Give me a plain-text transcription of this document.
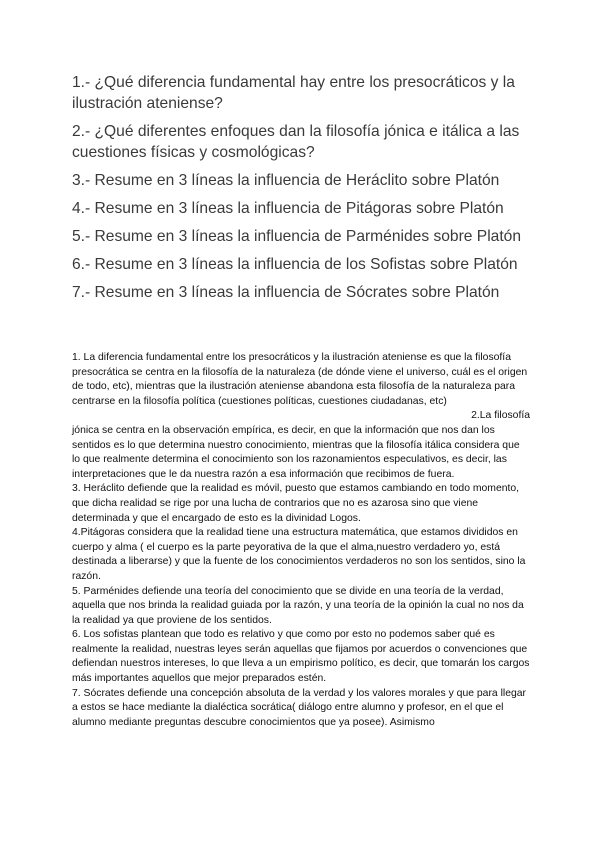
1.- ¿Qué diferencia fundamental hay entre los presocráticos y la ilustración ateniense?
2.- ¿Qué diferentes enfoques dan la filosofía jónica e itálica a las cuestiones físicas y cosmológicas?
3.- Resume en 3 líneas la influencia de Heráclito sobre Platón
4.- Resume en 3 líneas la influencia de Pitágoras sobre Platón
5.- Resume en 3 líneas la influencia de Parménides sobre Platón
6.- Resume en 3 líneas la influencia de los Sofistas sobre Platón
7.- Resume en 3 líneas la influencia de Sócrates sobre Platón

1. La diferencia fundamental entre los presocráticos y la ilustración ateniense es que la filosofía presocrática se centra en la filosofía de la naturaleza (de dónde viene el universo, cuál es el origen de todo, etc), mientras que la ilustración ateniense abandona esta filosofía de la naturaleza para centrarse en la filosofía política (cuestiones políticas, cuestiones ciudadanas, etc)
2.La filosofía

jónica se centra en la observación empírica, es decir, en que la información que nos dan los sentidos es lo que determina nuestro conocimiento, mientras que la filosofía itálica considera que lo que realmente determina el conocimiento son los razonamientos especulativos, es decir, las interpretaciones que le da nuestra razón a esa información que recibimos de fuera.

3. Heráclito defiende que la realidad es móvil, puesto que estamos cambiando en todo momento, que dicha realidad se rige por una lucha de contrarios que no es azarosa sino que viene determinada y que el encargado de esto es la divinidad Logos.

4.Pitágoras considera que la realidad tiene una estructura matemática, que estamos divididos en cuerpo y alma ( el cuerpo es la parte peyorativa de la que el alma,nuestro verdadero yo, está destinada a liberarse) y que la fuente de los conocimientos verdaderos no son los sentidos, sino la razón.

5. Parménides defiende una teoría del conocimiento que se divide en una teoría de la verdad, aquella que nos brinda la realidad guiada por la razón, y una teoría de la opinión la cual no nos da la realidad ya que proviene de los sentidos.

6. Los sofistas plantean que todo es relativo y que como por esto no podemos saber qué es realmente la realidad, nuestras leyes serán aquellas que fijamos por acuerdos o convenciones que defiendan nuestros intereses, lo que lleva a un empirismo político, es decir, que tomarán los cargos más importantes aquellos que mejor preparados estén.

7. Sócrates defiende una concepción absoluta de la verdad y los valores morales y que para llegar a estos se hace mediante la dialéctica socrática( diálogo entre alumno y profesor, en el que el alumno mediante preguntas descubre conocimientos que ya posee). Asimismo
